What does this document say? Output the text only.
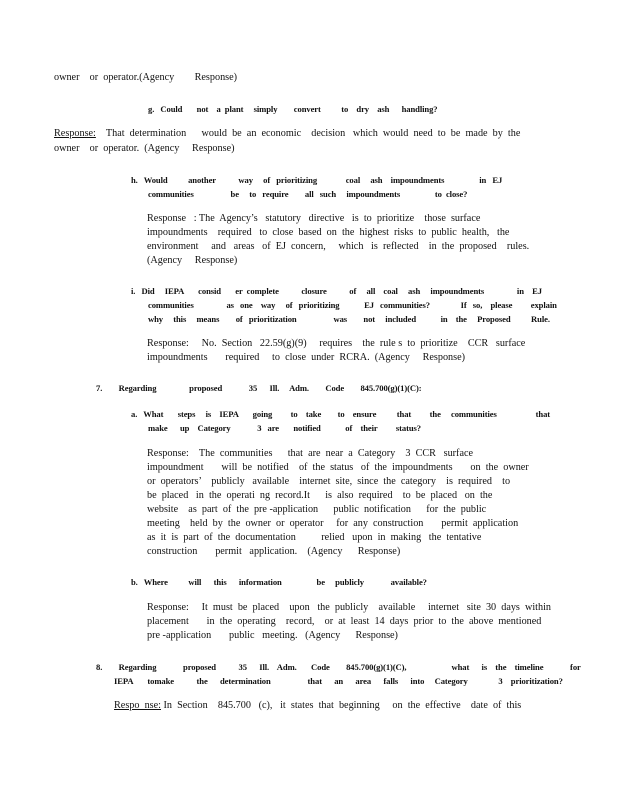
owner    or  operator.(Agency        Response)
g.   Could       not    a  plant     simply        convert          to    dry    ash      handling?
Response: That  determination      would  be  an  economic    decision   which  would  need  to  be  made  by  the
owner    or  operator.  (Agency     Response)
h.   Would          another           way     of   prioritizing              coal     ash    impoundments                 in   EJ
communities                  be     to   require        all   such     impoundments                 to  close?
Response   : The  Agency’s   statutory   directive   is  to  prioritize    those  surface
impoundments    required   to  close  based  on  the  highest  risks  to  public  health,   the
environment     and   areas   of  EJ  concern,     which   is  reflected    in  the  proposed    rules.
(Agency     Response)
i.   Did     IEPA       consid       er  complete           closure           of     all    coal     ash     impoundments                in    EJ
communities                as   one    way     of   prioritizing            EJ   communities?               If   so,    please         explain
why     this     means        of   prioritization                  was        not     included            in    the     Proposed          Rule.
Response:     No.  Section   22.59(g)(9)     requires    the  rule s  to  prioritize    CCR   surface
impoundments       required     to  close  under  RCRA.  (Agency     Response)
7.        Regarding                proposed             35      Ill.     Adm.        Code        845.700(g)(1)(C):
a.   What       steps     is    IEPA       going         to    take        to    ensure          that         the     communities                   that
make      up    Category             3   are       notified            of    their         status?
Response:    The  communities      that  are  near  a  Category    3  CCR   surface
impoundment       will  be  notified    of  the  status   of  the  impoundments       on  the  owner
or  operators’    publicly   available    internet  site,  since  the  category    is  required    to
be  placed   in  the  operati  ng  record.It      is  also  required    to  be  placed   on  the
website    as  part  of  the  pre -application      public  notification      for  the  public
meeting    held  by  the  owner  or  operator     for  any  construction       permit  application
as  it  is  part  of  the  documentation          relied   upon  in  making   the  tentative
construction       permit   application.    (Agency      Response)
b.   Where          will      this      information                 be     publicly             available?
Response:     It  must  be  placed    upon   the  publicly    available     internet   site  30  days  within
placement       in  the  operating    record,    or  at  least  14  days  prior  to  the  above  mentioned
pre -application       public   meeting.   (Agency      Response)
8.        Regarding             proposed           35      Ill.    Adm.       Code        845.700(g)(1)(C),                      what      is    the    timeline             for
IEPA       tomake           the      determination                  that      an      area      falls      into     Category               3    prioritization?
Respo  nse: In  Section    845.700   (c),   it  states  that  beginning     on  the  effective    date  of  this
